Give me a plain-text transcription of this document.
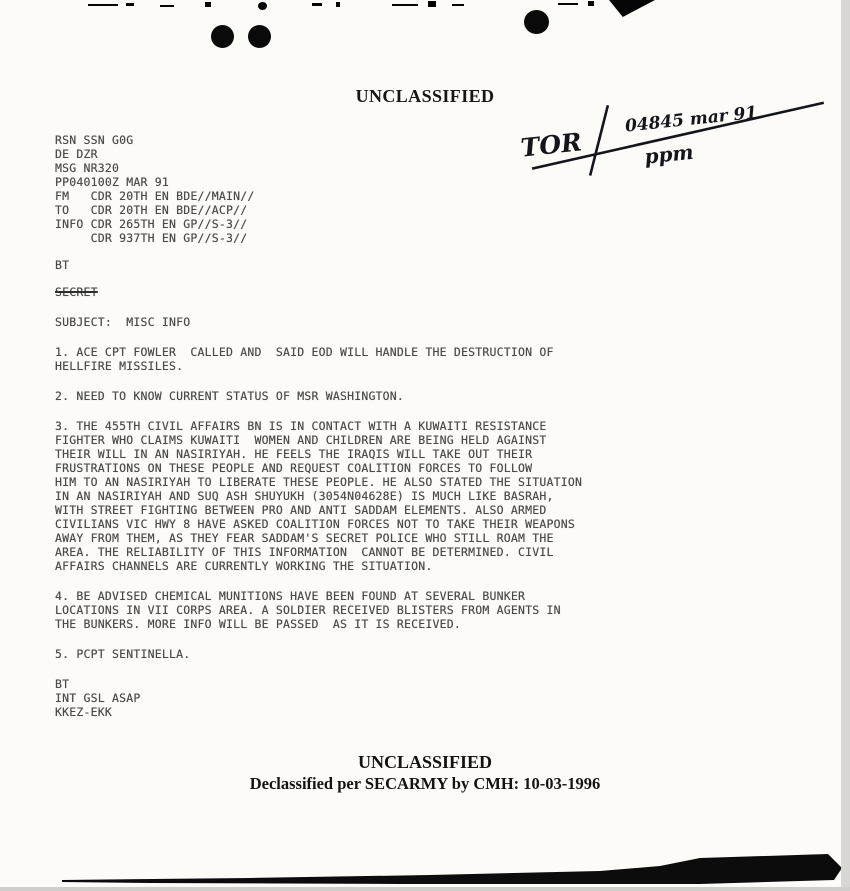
UNCLASSIFIED
TOR
04845 mar 91
ppm
RSN SSN G0G
DE DZR
MSG NR320
PP040100Z MAR 91
FM   CDR 20TH EN BDE//MAIN//
TO   CDR 20TH EN BDE//ACP//
INFO CDR 265TH EN GP//S-3//
CDR 937TH EN GP//S-3//
BT
SECRET
SUBJECT:  MISC INFO
1. ACE CPT FOWLER  CALLED AND  SAID EOD WILL HANDLE THE DESTRUCTION OF
HELLFIRE MISSILES.
2. NEED TO KNOW CURRENT STATUS OF MSR WASHINGTON.
3. THE 455TH CIVIL AFFAIRS BN IS IN CONTACT WITH A KUWAITI RESISTANCE
FIGHTER WHO CLAIMS KUWAITI  WOMEN AND CHILDREN ARE BEING HELD AGAINST
THEIR WILL IN AN NASIRIYAH. HE FEELS THE IRAQIS WILL TAKE OUT THEIR
FRUSTRATIONS ON THESE PEOPLE AND REQUEST COALITION FORCES TO FOLLOW
HIM TO AN NASIRIYAH TO LIBERATE THESE PEOPLE. HE ALSO STATED THE SITUATION
IN AN NASIRIYAH AND SUQ ASH SHUYUKH (3054N04628E) IS MUCH LIKE BASRAH,
WITH STREET FIGHTING BETWEEN PRO AND ANTI SADDAM ELEMENTS. ALSO ARMED
CIVILIANS VIC HWY 8 HAVE ASKED COALITION FORCES NOT TO TAKE THEIR WEAPONS
AWAY FROM THEM, AS THEY FEAR SADDAM'S SECRET POLICE WHO STILL ROAM THE
AREA. THE RELIABILITY OF THIS INFORMATION  CANNOT BE DETERMINED. CIVIL
AFFAIRS CHANNELS ARE CURRENTLY WORKING THE SITUATION.
4. BE ADVISED CHEMICAL MUNITIONS HAVE BEEN FOUND AT SEVERAL BUNKER
LOCATIONS IN VII CORPS AREA. A SOLDIER RECEIVED BLISTERS FROM AGENTS IN
THE BUNKERS. MORE INFO WILL BE PASSED  AS IT IS RECEIVED.
5. PCPT SENTINELLA.
BT
INT GSL ASAP
KKEZ-EKK
UNCLASSIFIED
Declassified per SECARMY by CMH: 10-03-1996
